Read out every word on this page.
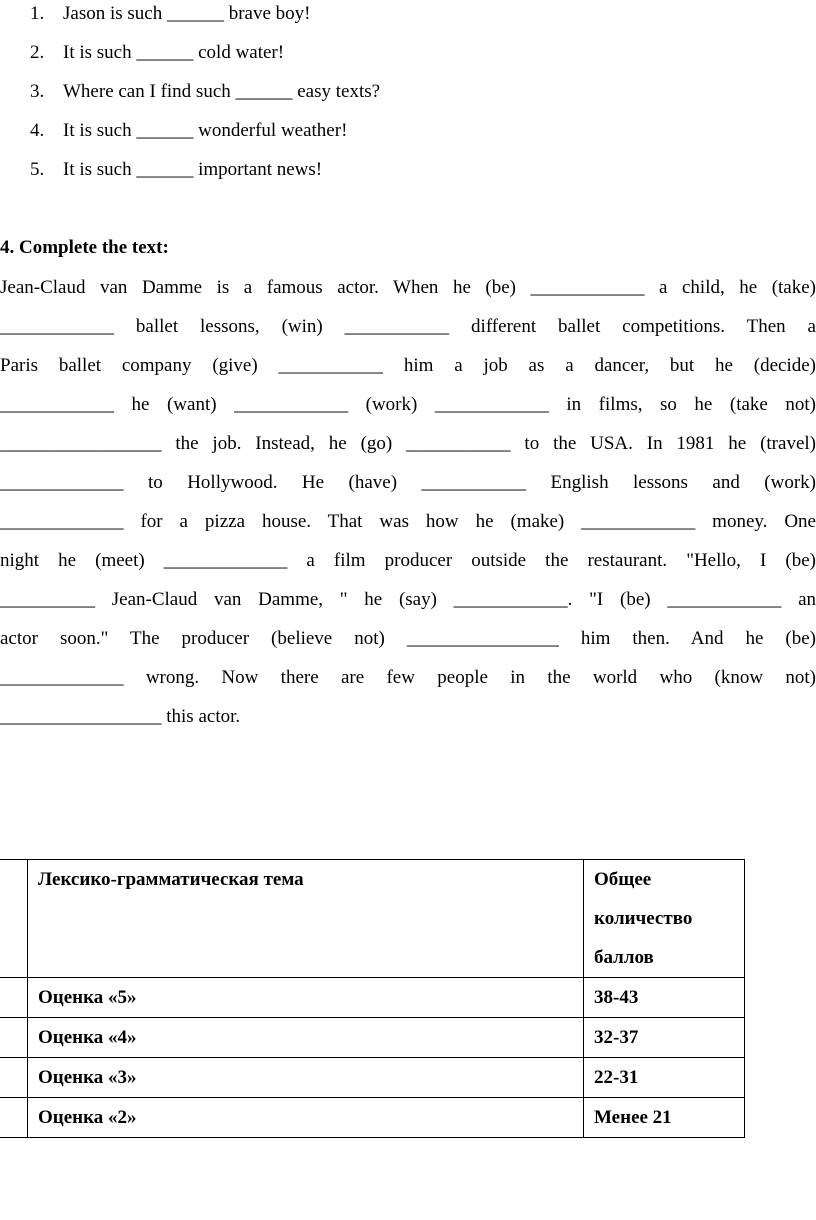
1. Jason is such ______ brave boy!
2. It is such ______ cold water!
3. Where can I find such ______ easy texts?
4. It is such ______ wonderful weather!
5. It is such ______ important news!
4. Complete the text:
Jean-Claud van Damme is a famous actor. When he (be) ____________ a child, he (take)
____________ ballet lessons, (win) ___________ different ballet competitions. Then a
Paris ballet company (give) ___________ him a job as a dancer, but he (decide)
____________ he (want) ____________ (work) ____________ in films, so he (take not)
_________________ the job. Instead, he (go) ___________ to the USA. In 1981 he (travel)
_____________ to Hollywood. He (have) ___________ English lessons and (work)
_____________ for a pizza house. That was how he (make) ____________ money. One
night he (meet) _____________ a film producer outside the restaurant. "Hello, I (be)
__________ Jean-Claud van Damme, " he (say) ____________. "I (be) ____________ an
actor soon." The producer (believe not) ________________ him then. And he (be)
_____________ wrong. Now there are few people in the world who (know not)
_________________ this actor.
	Лексико-грамматическая тема	Общее
количество
баллов

	Оценка «5»	38-43
	Оценка «4»	32-37
	Оценка «3»	22-31
	Оценка «2»	Менее 21
